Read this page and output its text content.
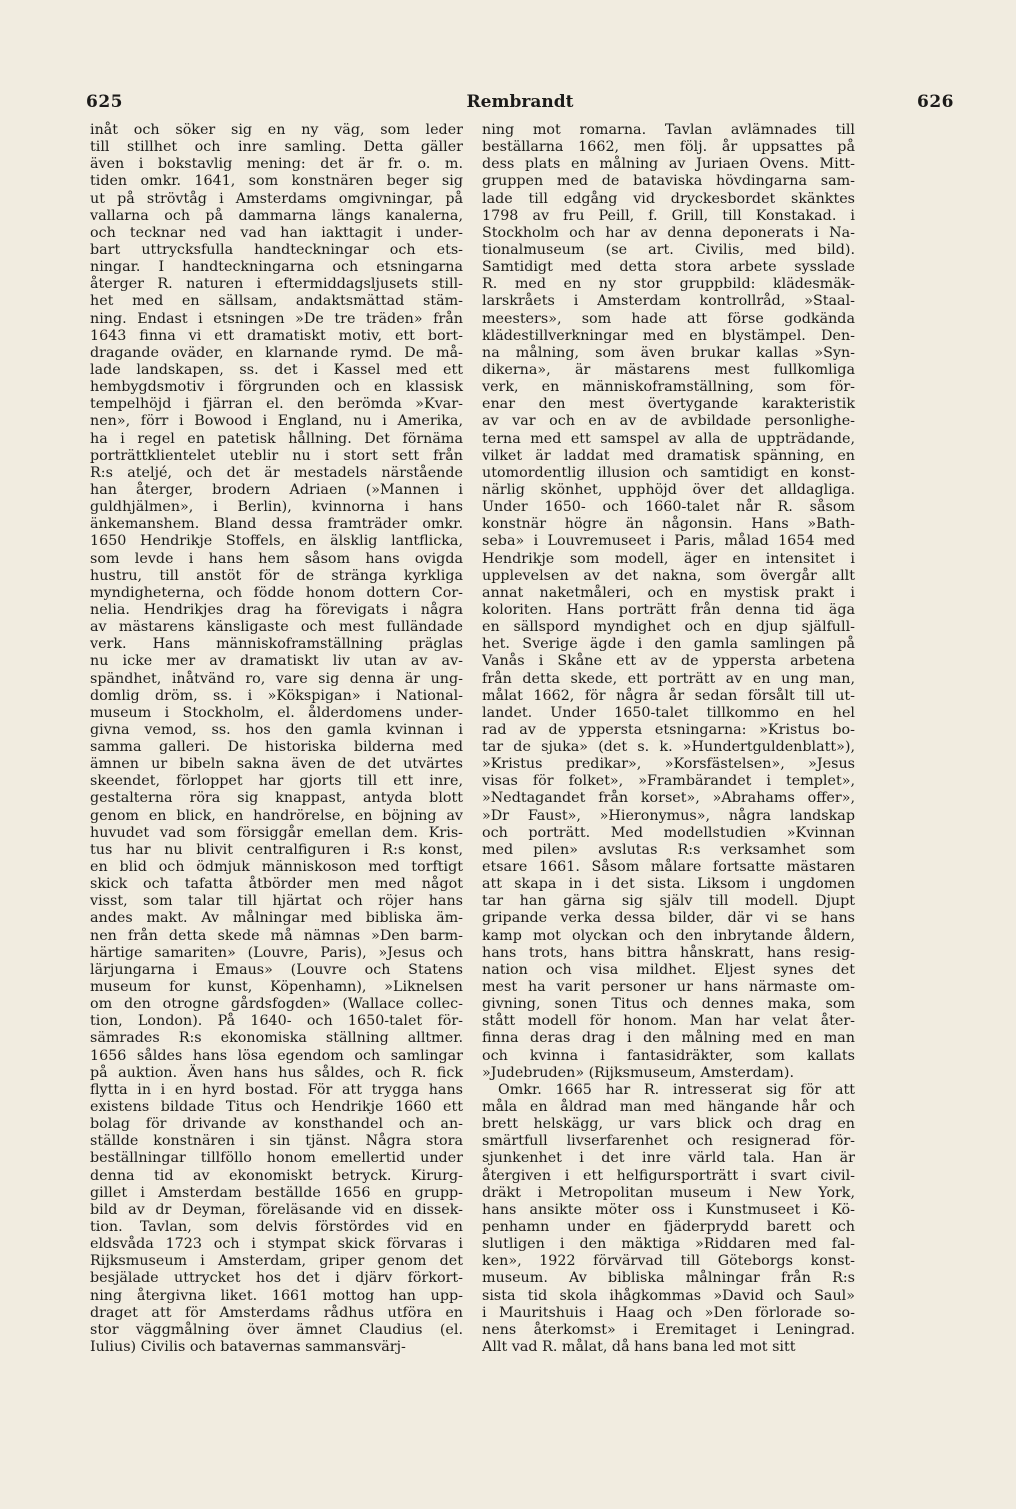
625	Rembrandt	626
inåt och söker sig en ny väg, som leder
till stillhet och inre samling. Detta gäller
även i bokstavlig mening: det är fr. o. m.
tiden omkr. 1641, som konstnären beger sig
ut på strövtåg i Amsterdams omgivningar, på
vallarna och på dammarna längs kanalerna,
och tecknar ned vad han iakttagit i under-
bart uttrycksfulla handteckningar och ets-
ningar. I handteckningarna och etsningarna
återger R. naturen i eftermiddagsljusets still-
het med en sällsam, andaktsmättad stäm-
ning. Endast i etsningen »De tre träden» från
1643 finna vi ett dramatiskt motiv, ett bort-
dragande oväder, en klarnande rymd. De må-
lade landskapen, ss. det i Kassel med ett
hembygdsmotiv i förgrunden och en klassisk
tempelhöjd i fjärran el. den berömda »Kvar-
nen», förr i Bowood i England, nu i Amerika,
ha i regel en patetisk hållning. Det förnäma
porträttklientelet uteblir nu i stort sett från
R:s ateljé, och det är mestadels närstående
han återger, brodern Adriaen (»Mannen i
guldhjälmen», i Berlin), kvinnorna i hans
änkemanshem. Bland dessa framträder omkr.
1650 Hendrikje Stoffels, en älsklig lantflicka,
som levde i hans hem såsom hans ovigda
hustru, till anstöt för de stränga kyrkliga
myndigheterna, och födde honom dottern Cor-
nelia. Hendrikjes drag ha förevigats i några
av mästarens känsligaste och mest fulländade
verk. Hans människoframställning präglas
nu icke mer av dramatiskt liv utan av av-
spändhet, inåtvänd ro, vare sig denna är ung-
domlig dröm, ss. i »Kökspigan» i National-
museum i Stockholm, el. ålderdomens under-
givna vemod, ss. hos den gamla kvinnan i
samma galleri. De historiska bilderna med
ämnen ur bibeln sakna även de det utvärtes
skeendet, förloppet har gjorts till ett inre,
gestalterna röra sig knappast, antyda blott
genom en blick, en handrörelse, en böjning av
huvudet vad som försiggår emellan dem. Kris-
tus har nu blivit centralfiguren i R:s konst,
en blid och ödmjuk människoson med torftigt
skick och tafatta åtbörder men med något
visst, som talar till hjärtat och röjer hans
andes makt. Av målningar med bibliska äm-
nen från detta skede må nämnas »Den barm-
härtige samariten» (Louvre, Paris), »Jesus och
lärjungarna i Emaus» (Louvre och Statens
museum for kunst, Köpenhamn), »Liknelsen
om den otrogne gårdsfogden» (Wallace collec-
tion, London). På 1640- och 1650-talet för-
sämrades R:s ekonomiska ställning alltmer.
1656 såldes hans lösa egendom och samlingar
på auktion. Även hans hus såldes, och R. fick
flytta in i en hyrd bostad. För att trygga hans
existens bildade Titus och Hendrikje 1660 ett
bolag för drivande av konsthandel och an-
ställde konstnären i sin tjänst. Några stora
beställningar tillföllo honom emellertid under
denna tid av ekonomiskt betryck. Kirurg-
gillet i Amsterdam beställde 1656 en grupp-
bild av dr Deyman, föreläsande vid en dissek-
tion. Tavlan, som delvis förstördes vid en
eldsvåda 1723 och i stympat skick förvaras i
Rijksmuseum i Amsterdam, griper genom det
besjälade uttrycket hos det i djärv förkort-
ning återgivna liket. 1661 mottog han upp-
draget att för Amsterdams rådhus utföra en
stor väggmålning över ämnet Claudius (el.
Iulius) Civilis och batavernas sammansvärj-
ning mot romarna. Tavlan avlämnades till
beställarna 1662, men följ. år uppsattes på
dess plats en målning av Juriaen Ovens. Mitt-
gruppen med de bataviska hövdingarna sam-
lade till edgång vid dryckesbordet skänktes
1798 av fru Peill, f. Grill, till Konstakad. i
Stockholm och har av denna deponerats i Na-
tionalmuseum (se art. Civilis, med bild).
Samtidigt med detta stora arbete sysslade
R. med en ny stor gruppbild: klädesmäk-
larskråets i Amsterdam kontrollråd, »Staal-
meesters», som hade att förse godkända
klädestillverkningar med en blystämpel. Den-
na målning, som även brukar kallas »Syn-
dikerna», är mästarens mest fullkomliga
verk, en människoframställning, som för-
enar den mest övertygande karakteristik
av var och en av de avbildade personlighe-
terna med ett samspel av alla de uppträdande,
vilket är laddat med dramatisk spänning, en
utomordentlig illusion och samtidigt en konst-
närlig skönhet, upphöjd över det alldagliga.
Under 1650- och 1660-talet når R. såsom
konstnär högre än någonsin. Hans »Bath-
seba» i Louvremuseet i Paris, målad 1654 med
Hendrikje som modell, äger en intensitet i
upplevelsen av det nakna, som övergår allt
annat naketmåleri, och en mystisk prakt i
koloriten. Hans porträtt från denna tid äga
en sällspord myndighet och en djup själfull-
het. Sverige ägde i den gamla samlingen på
Vanås i Skåne ett av de yppersta arbetena
från detta skede, ett porträtt av en ung man,
målat 1662, för några år sedan försålt till ut-
landet. Under 1650-talet tillkommo en hel
rad av de yppersta etsningarna: »Kristus bo-
tar de sjuka» (det s. k. »Hundertguldenblatt»),
»Kristus predikar», »Korsfästelsen», »Jesus
visas för folket», »Frambärandet i templet»,
»Nedtagandet från korset», »Abrahams offer»,
»Dr Faust», »Hieronymus», några landskap
och porträtt. Med modellstudien »Kvinnan
med pilen» avslutas R:s verksamhet som
etsare 1661. Såsom målare fortsatte mästaren
att skapa in i det sista. Liksom i ungdomen
tar han gärna sig själv till modell. Djupt
gripande verka dessa bilder, där vi se hans
kamp mot olyckan och den inbrytande åldern,
hans trots, hans bittra hånskratt, hans resig-
nation och visa mildhet. Eljest synes det
mest ha varit personer ur hans närmaste om-
givning, sonen Titus och dennes maka, som
stått modell för honom. Man har velat åter-
finna deras drag i den målning med en man
och kvinna i fantasidräkter, som kallats
»Judebruden» (Rijksmuseum, Amsterdam).
Omkr. 1665 har R. intresserat sig för att
måla en åldrad man med hängande hår och
brett helskägg, ur vars blick och drag en
smärtfull livserfarenhet och resignerad för-
sjunkenhet i det inre värld tala. Han är
återgiven i ett helfigursporträtt i svart civil-
dräkt i Metropolitan museum i New York,
hans ansikte möter oss i Kunstmuseet i Kö-
penhamn under en fjäderprydd barett och
slutligen i den mäktiga »Riddaren med fal-
ken», 1922 förvärvad till Göteborgs konst-
museum. Av bibliska målningar från R:s
sista tid skola ihågkommas »David och Saul»
i Mauritshuis i Haag och »Den förlorade so-
nens återkomst» i Eremitaget i Leningrad.
Allt vad R. målat, då hans bana led mot sitt
